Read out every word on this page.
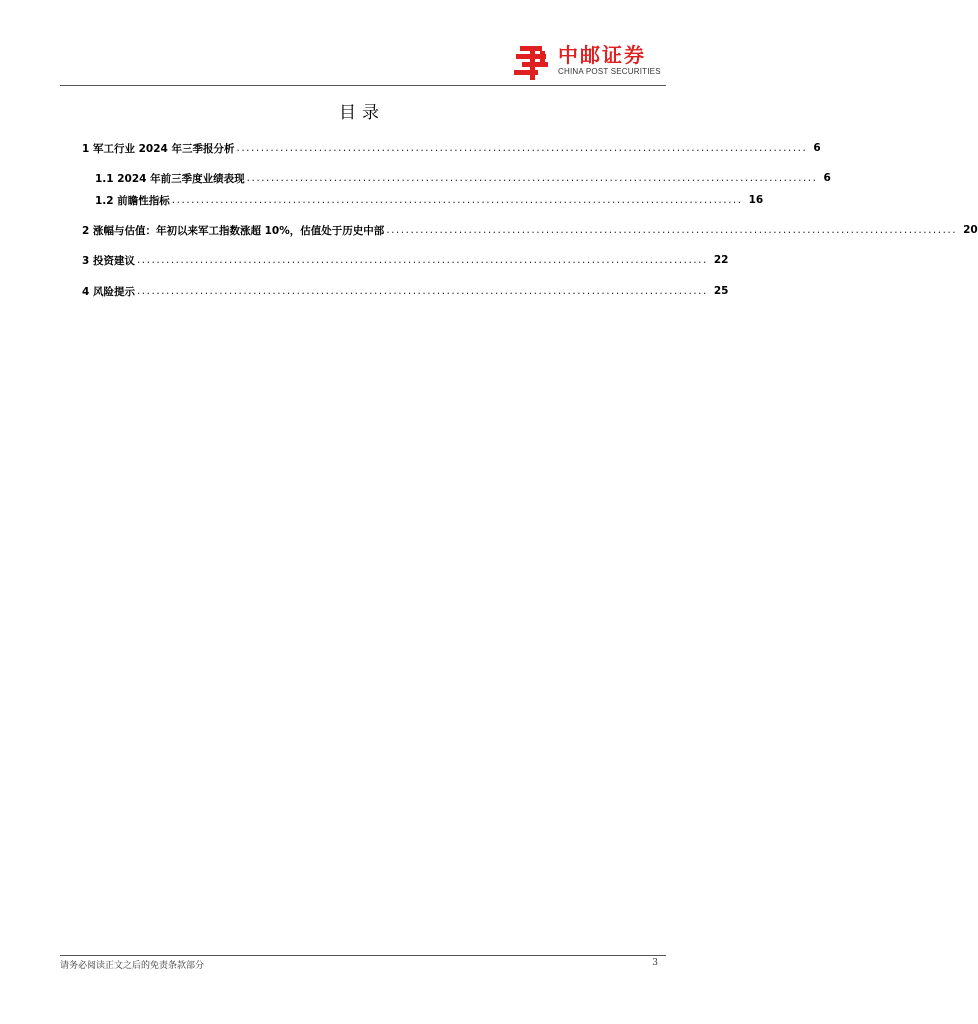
中邮证券
CHINA POST SECURITIES
目录
1 军工行业 2024 年三季报分析 ...................................................................................................................... 6
1.1 2024 年前三季度业绩表现 ...................................................................................................................... 6
1.2 前瞻性指标 ...................................................................................................................... 16
2 涨幅与估值：年初以来军工指数涨超 10%，估值处于历史中部 ...................................................................................................................... 20
3 投资建议 ...................................................................................................................... 22
4 风险提示 ...................................................................................................................... 25
请务必阅读正文之后的免责条款部分	3
